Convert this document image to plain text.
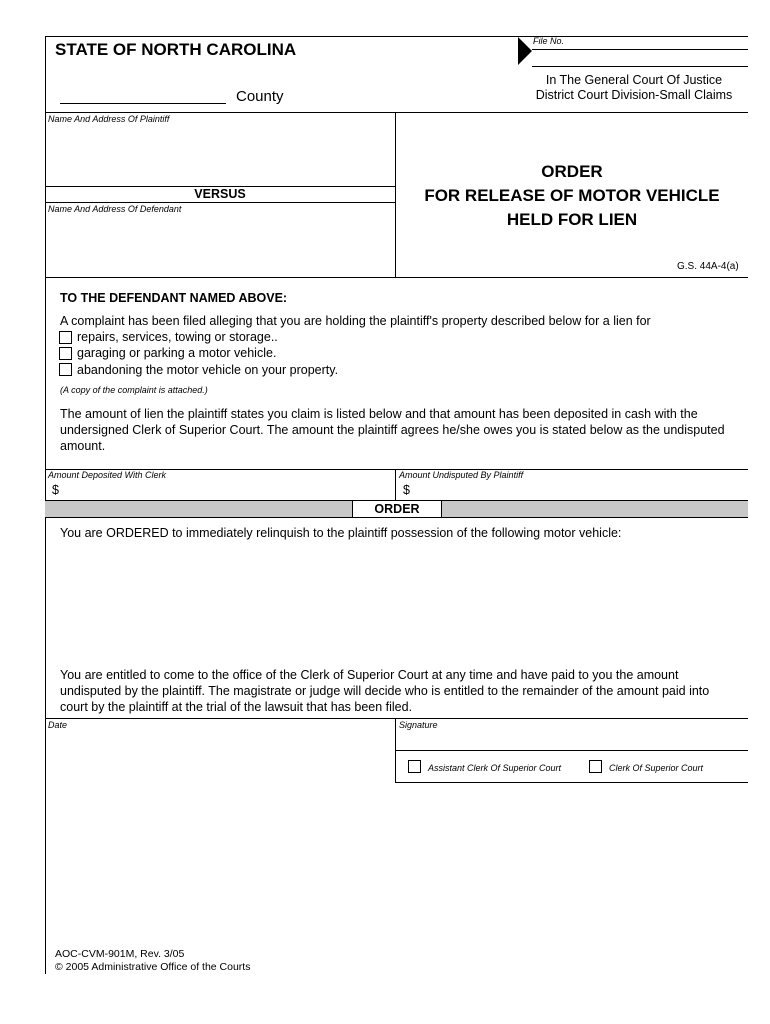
File No.
STATE OF NORTH CAROLINA
County
In The General Court Of Justice
District Court Division-Small Claims
Name And Address Of Plaintiff
VERSUS
Name And Address Of Defendant
ORDER
FOR RELEASE OF MOTOR VEHICLE
HELD FOR LIEN
G.S. 44A-4(a)
TO THE DEFENDANT NAMED ABOVE:
A complaint has been filed alleging that you are holding the plaintiff's property described below for a lien for
repairs, services, towing or storage..
garaging or parking a motor vehicle.
abandoning the motor vehicle on your property.
(A copy of the complaint is attached.)
The amount of lien the plaintiff states you claim is listed below and that amount has been deposited in cash with the
undersigned Clerk of Superior Court. The amount the plaintiff agrees he/she owes you is stated below as the undisputed
amount.
Amount Deposited With Clerk
$
Amount Undisputed By Plaintiff
$
ORDER
You are ORDERED to immediately relinquish to the plaintiff possession of the following motor vehicle:
You are entitled to come to the office of the Clerk of Superior Court at any time and have paid to you the amount
undisputed by the plaintiff. The magistrate or judge will decide who is entitled to the remainder of the amount paid into
court by the plaintiff at the trial of the lawsuit that has been filed.
Date	Signature
Assistant Clerk Of Superior Court	Clerk Of Superior Court
AOC-CVM-901M, Rev. 3/05
© 2005 Administrative Office of the Courts
